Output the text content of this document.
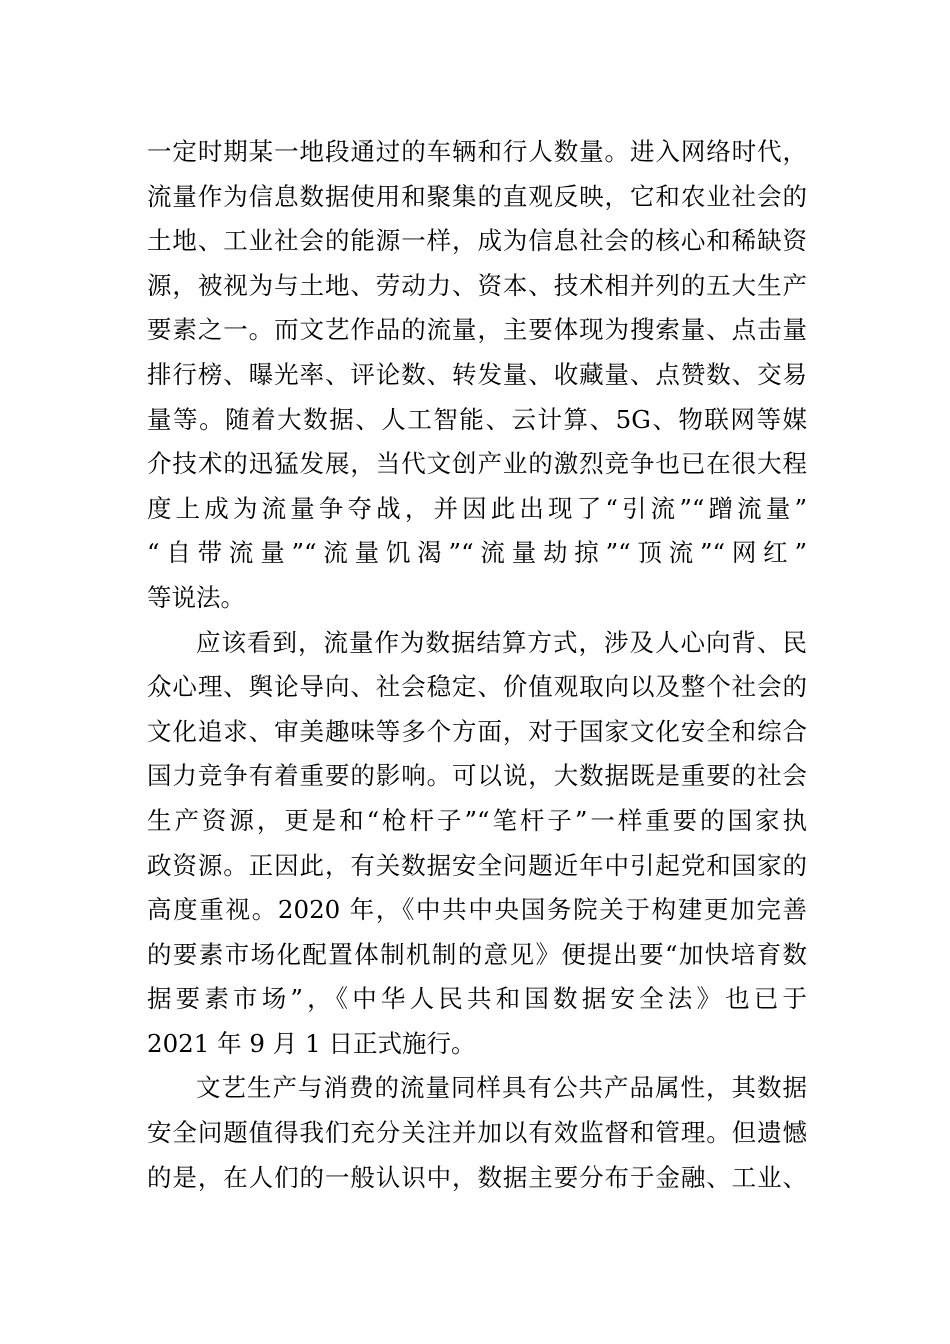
一定时期某一地段通过的车辆和行人数量。进入网络时代，
流量作为信息数据使用和聚集的直观反映，它和农业社会的
土地、工业社会的能源一样，成为信息社会的核心和稀缺资
源，被视为与土地、劳动力、资本、技术相并列的五大生产
要素之一。而文艺作品的流量，主要体现为搜索量、点击量
排行榜、曝光率、评论数、转发量、收藏量、点赞数、交易
量等。随着大数据、人工智能、云计算、5G、物联网等媒
介技术的迅猛发展，当代文创产业的激烈竞争也已在很大程
度上成为流量争夺战，并因此出现了“引流”“蹭流量”
“自带流量”“流量饥渴”“流量劫掠”“顶流”“网红”
等说法。
应该看到，流量作为数据结算方式，涉及人心向背、民
众心理、舆论导向、社会稳定、价值观取向以及整个社会的
文化追求、审美趣味等多个方面，对于国家文化安全和综合
国力竞争有着重要的影响。可以说，大数据既是重要的社会
生产资源，更是和“枪杆子”“笔杆子”一样重要的国家执
政资源。正因此，有关数据安全问题近年中引起党和国家的
高度重视。2020 年，《中共中央国务院关于构建更加完善
的要素市场化配置体制机制的意见》便提出要“加快培育数
据要素市场”，《中华人民共和国数据安全法》也已于
2021 年 9 月 1 日正式施行。
文艺生产与消费的流量同样具有公共产品属性，其数据
安全问题值得我们充分关注并加以有效监督和管理。但遗憾
的是，在人们的一般认识中，数据主要分布于金融、工业、
